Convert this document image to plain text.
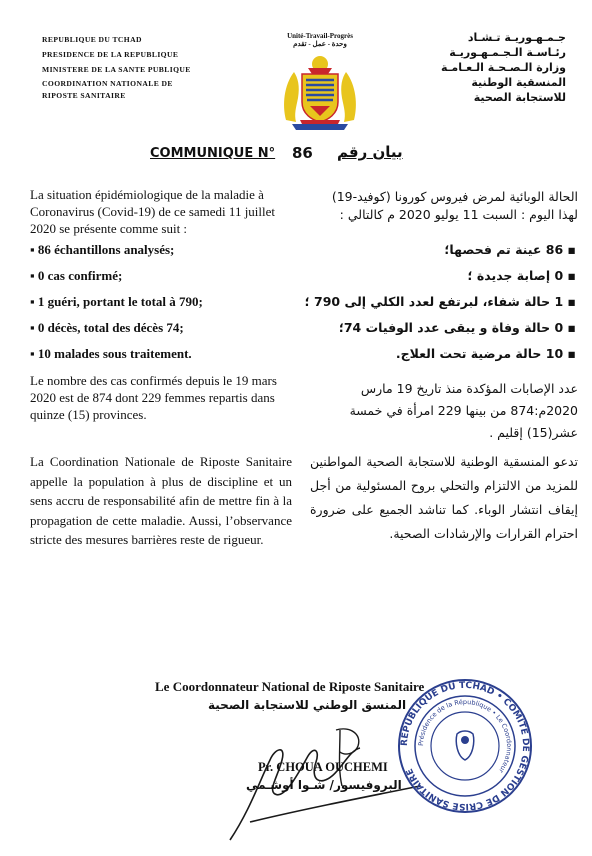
REPUBLIQUE DU TCHAD
PRESIDENCE DE LA REPUBLIQUE
MINISTERE DE LA SANTE PUBLIQUE
COORDINATION NATIONALE DE
RIPOSTE SANITAIRE
Unité-Travail-Progrès
وحدة - عمل - تقدم	جـمـهـوريـة تـشـاد
رئـاسـة الـجـمـهـوريـة
وزارة الـصـحـة الـعـامـة
المنسقية الوطنية
للاستجابة الصحية
COMMUNIQUE N° 86 بيان رقم
La situation épidémiologique de la maladie à Coronavirus (Covid-19) de ce samedi 11 juillet 2020 se présente comme suit :
▪ 86 échantillons analysés;
▪ 0 cas confirmé;
▪ 1 guéri, portant le total à 790;
▪ 0 décès, total des décès 74;
▪ 10 malades sous traitement.
Le nombre des cas confirmés depuis le 19 mars 2020 est de 874 dont 229 femmes repartis dans quinze (15) provinces.
La Coordination Nationale de Riposte Sanitaire appelle la population à plus de discipline et un sens accru de responsabilité afin de mettre fin à la propagation de cette maladie. Aussi, l’observance stricte des mesures barrières reste de rigueur.
الحالة الوبائية لمرض فيروس كورونا (كوفيد-19) لهذا اليوم : السبت 11 يوليو 2020 م كالتالي :
▪ 86 عينة تم فحصها؛
▪ 0 إصابة جديدة ؛
▪ 1 حالة شفاء، لبرتفع لعدد الكلي إلى 790 ؛
▪ 0 حالة وفاة و يبقى عدد الوفيات 74؛
▪ 10 حالة مرضية تحت العلاج.
عدد الإصابات المؤكدة منذ تاريخ 19 مارس 2020م:874 من بينها 229 امرأة في خمسة عشر(15) إقليم .
تدعو المنسقية الوطنية للاستجابة الصحية المواطنين للمزيد من الالتزام والتحلي بروح المسئولية من أجل إيقاف انتشار الوباء. كما تناشد الجميع على ضرورة احترام القرارات والإرشادات الصحية.
Le Coordonnateur National de Riposte Sanitaire
المنسق الوطني للاستجابة الصحية
Pr. CHOUA OUCHEMI
البروفيسور/ شـوا أوشـمي
REPUBLIQUE DU TCHAD • COMITE DE GESTION DE CRISE SANITAIRE
Présidence de la République • Le Coordonnateur
